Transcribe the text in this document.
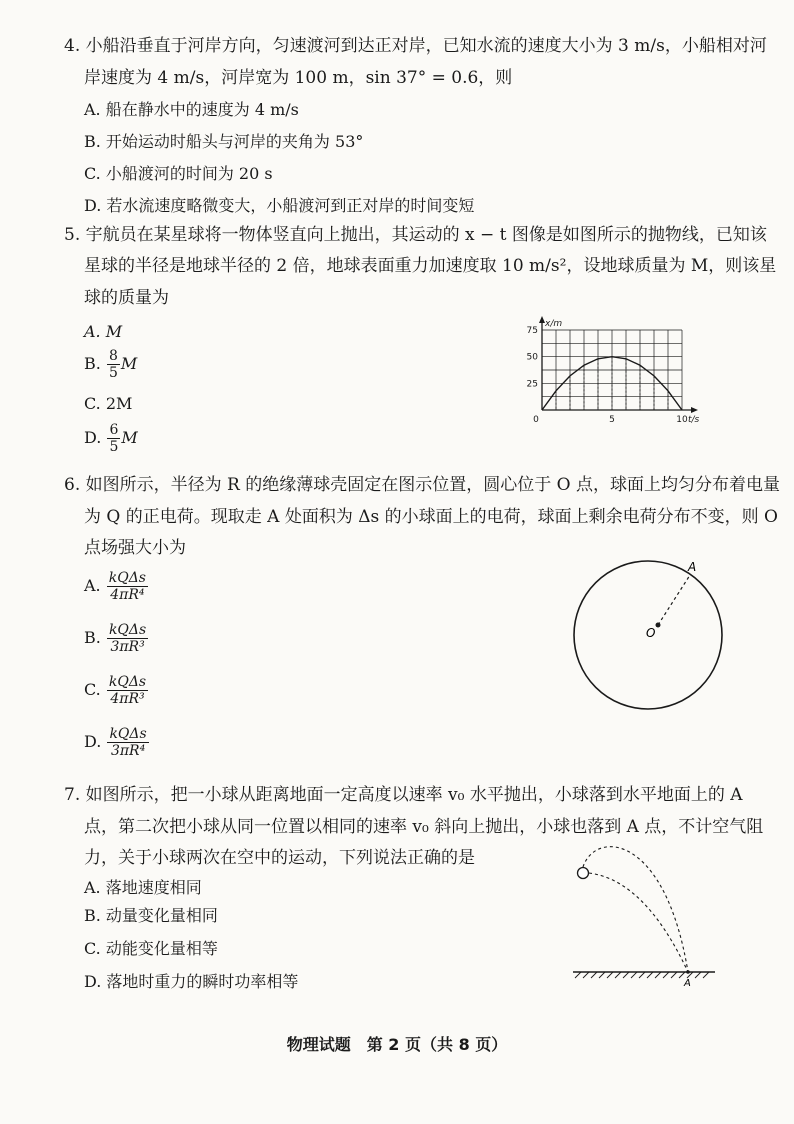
4. 小船沿垂直于河岸方向，匀速渡河到达正对岸，已知水流的速度大小为 3 m/s，小船相对河
岸速度为 4 m/s，河岸宽为 100 m，sin 37° = 0.6，则
A. 船在静水中的速度为 4 m/s
B. 开始运动时船头与河岸的夹角为 53°
C. 小船渡河的时间为 20 s
D. 若水流速度略微变大，小船渡河到正对岸的时间变短
5. 宇航员在某星球将一物体竖直向上抛出，其运动的 x − t 图像是如图所示的抛物线，已知该
星球的半径是地球半径的 2 倍，地球表面重力加速度取 10 m/s²，设地球质量为 M，则该星
球的质量为
A. M
B. $\frac{8}{5}$ M
C. 2M
D. $\frac{6}{5}$ M
25
50
75
0	5	10
x/m
t/s
6. 如图所示，半径为 R 的绝缘薄球壳固定在图示位置，圆心位于 O 点，球面上均匀分布着电量
为 Q 的正电荷。现取走 A 处面积为 Δs 的小球面上的电荷，球面上剩余电荷分布不变，则 O
点场强大小为
A. $\frac{\text{kQΔs}}{\text{4πR⁴}}$
B. $\frac{\text{kQΔs}}{\text{3πR³}}$
C. $\frac{\text{kQΔs}}{\text{4πR³}}$
D. $\frac{\text{kQΔs}}{\text{3πR⁴}}$
O
A
7. 如图所示，把一小球从距离地面一定高度以速率 v₀ 水平抛出，小球落到水平地面上的 A
点，第二次把小球从同一位置以相同的速率 v₀ 斜向上抛出，小球也落到 A 点，不计空气阻
力，关于小球两次在空中的运动，下列说法正确的是
A. 落地速度相同
B. 动量变化量相同
C. 动能变化量相等
D. 落地时重力的瞬时功率相等	A
物理试题　第 2 页（共 8 页）
